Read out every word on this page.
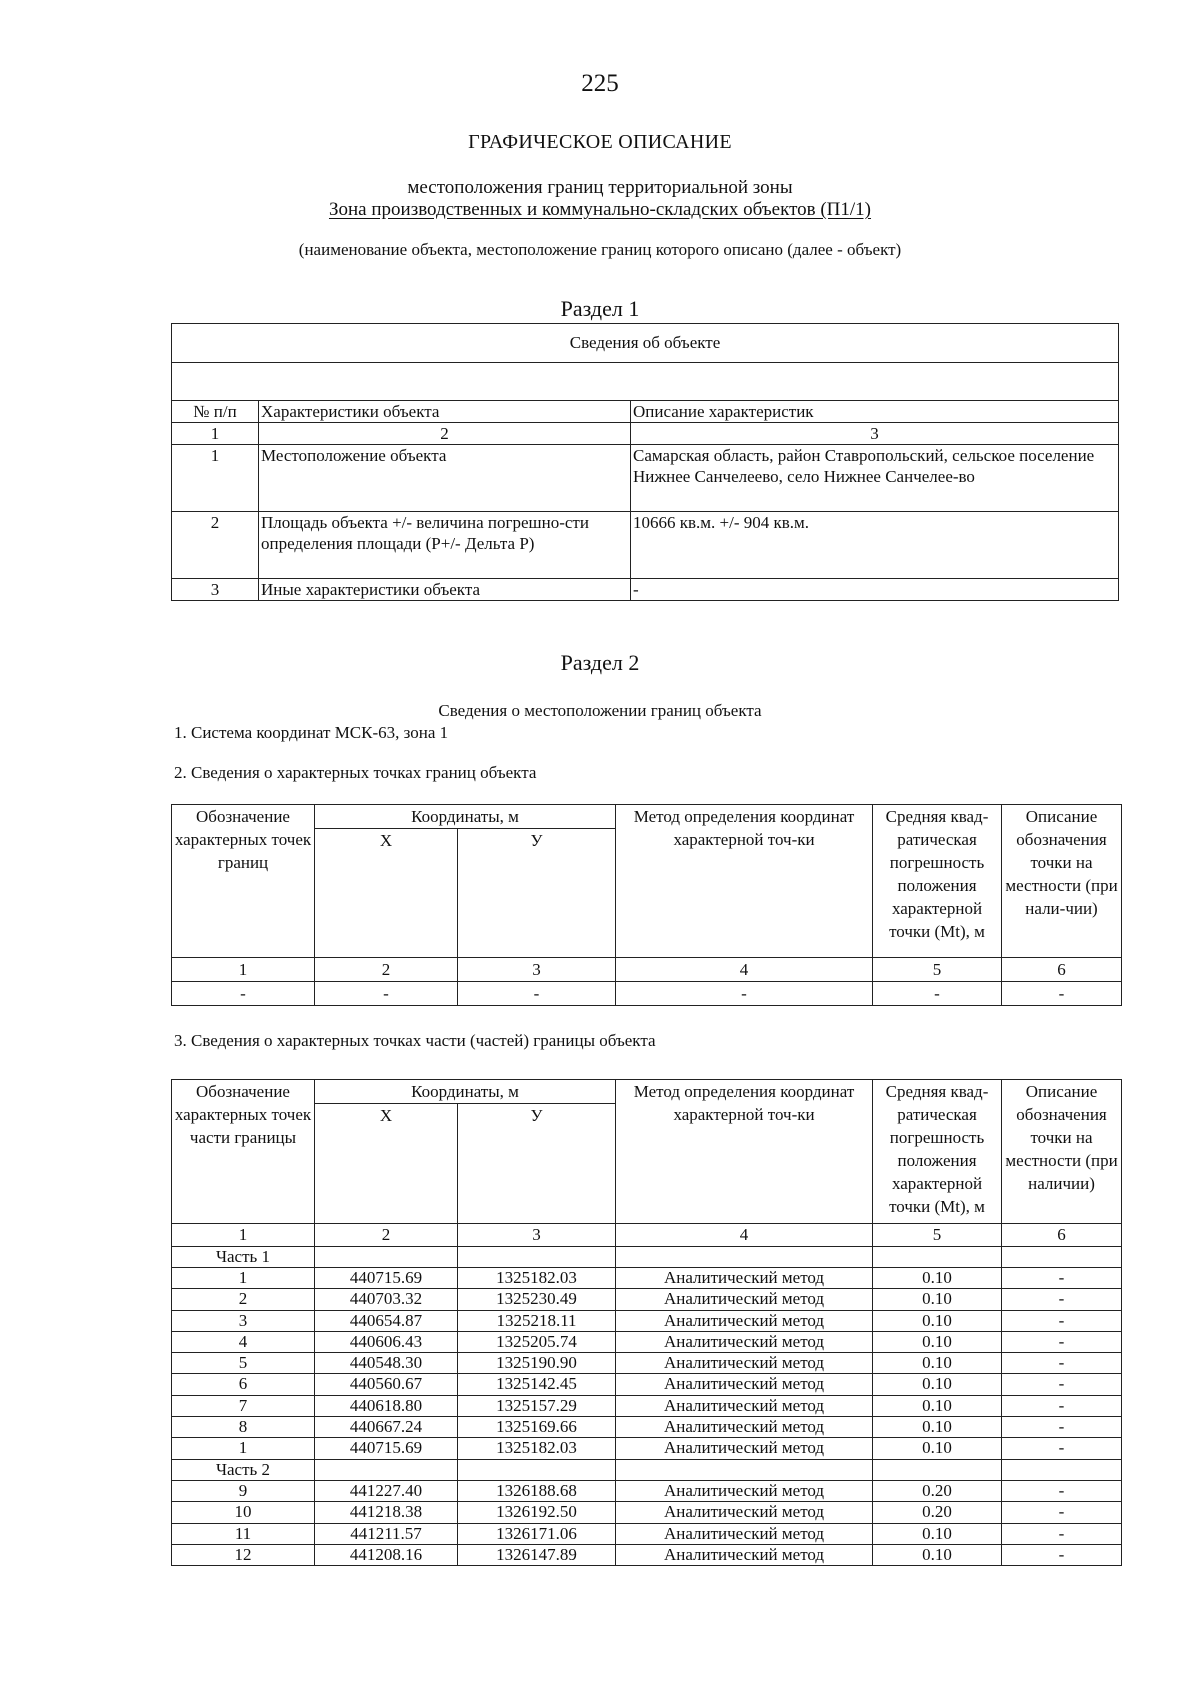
225
ГРАФИЧЕСКОЕ ОПИСАНИЕ
местоположения границ территориальной зоны
Зона производственных и коммунально-складских объектов (П1/1)
(наименование объекта, местоположение границ которого описано (далее - объект)
Раздел 1
Сведения об объекте		

№ п/п	Характеристики объекта	Описание характеристик
1	2	3
1	Местоположение объекта	Самарская область, район Ставропольский, сельское поселение Нижнее Санчелеево, село Нижнее Санчелее-во
2	Площадь объекта +/- величина погрешно-сти определения площади (P+/- Дельта P)	10666 кв.м. +/- 904 кв.м.
3	Иные характеристики объекта	-
Раздел 2
Сведения о местоположении границ объекта
1. Система координат МСК-63, зона 1
2. Сведения о характерных точках границ объекта
Обозначение характерных точек границ	Координаты, м		Метод определения координат характерной точ-ки	Средняя квад-ратическая погрешность положения характерной точки (Mt), м	Описание обозначения точки на местности (при нали-чии)
	X	У			
1	2	3	4	5	6
-	-	-	-	-	-
3. Сведения о характерных точках части (частей) границы объекта
Обозначение характерных точек части границы	Координаты, м		Метод определения координат характерной точ-ки	Средняя квад-ратическая погрешность положения характерной точки (Mt), м	Описание обозначения точки на местности (при наличии)
	X	У			
1	2	3	4	5	6
Часть 1					
1	440715.69	1325182.03	Аналитический метод	0.10	-
2	440703.32	1325230.49	Аналитический метод	0.10	-
3	440654.87	1325218.11	Аналитический метод	0.10	-
4	440606.43	1325205.74	Аналитический метод	0.10	-
5	440548.30	1325190.90	Аналитический метод	0.10	-
6	440560.67	1325142.45	Аналитический метод	0.10	-
7	440618.80	1325157.29	Аналитический метод	0.10	-
8	440667.24	1325169.66	Аналитический метод	0.10	-
1	440715.69	1325182.03	Аналитический метод	0.10	-
Часть 2					
9	441227.40	1326188.68	Аналитический метод	0.20	-
10	441218.38	1326192.50	Аналитический метод	0.20	-
11	441211.57	1326171.06	Аналитический метод	0.10	-
12	441208.16	1326147.89	Аналитический метод	0.10	-
